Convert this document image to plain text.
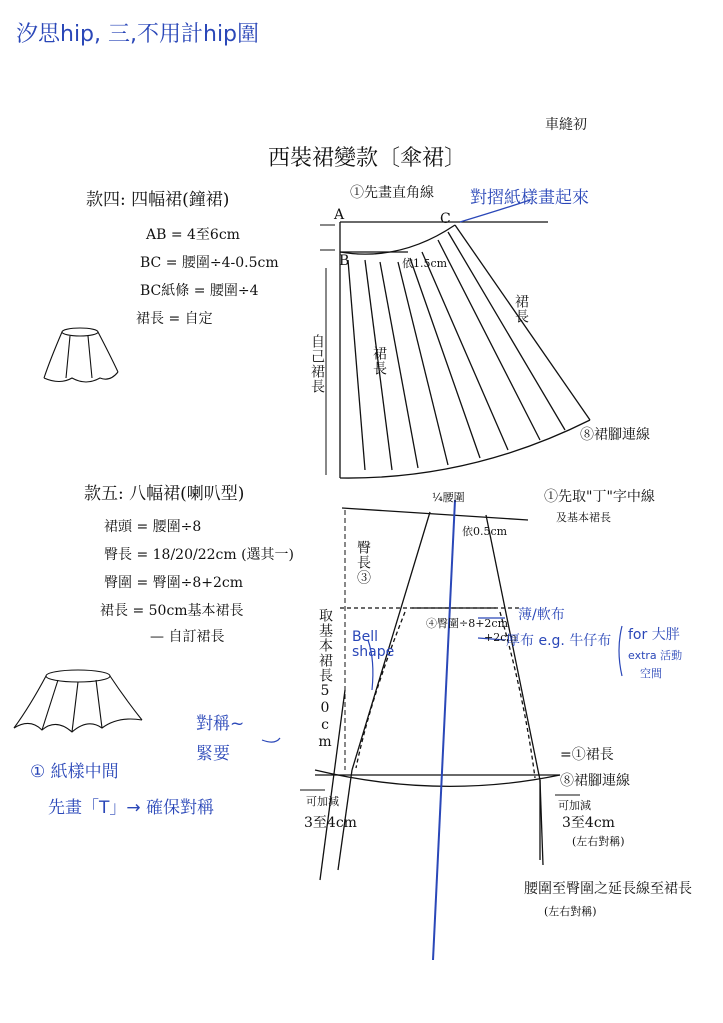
汐思hip, 三,不用計hip圍
車縫初
西裝裙變款〔傘裙〕
款四: 四幅裙(鐘裙)
AB = 4至6cm
BC = 腰圍÷4-0.5cm
BC紙條 = 腰圍÷4
裙長 = 自定
①先畫直角線 對摺紙樣畫起來
A
B
C
依1.5cm
自己裙長	裙長
裙長
⑧裙腳連線
款五: 八幅裙(喇叭型)
裙頭 = 腰圍÷8
臀長 = 18/20/22cm (選其一)
臀圍 = 臀圍÷8+2cm
裙長 = 50cm基本裙長
— 自訂裙長
¼腰圍	①先取"丁"字中線
及基本裙長
依0.5cm
臀長③
④臀圍÷8+2cm
+2cm
取基本裙長50cm	薄/軟布
厚布 e.g. 牛仔布 for 大胖
extra 活動
空間
Bell shape
對稱~
緊要	=①裙長
⑧裙腳連線
可加減	可加減
3至4cm	3至4cm
(左右對稱)
腰圍至臀圍之延長線至裙長
(左右對稱)
① 紙樣中間
先畫「T」→ 確保對稱
